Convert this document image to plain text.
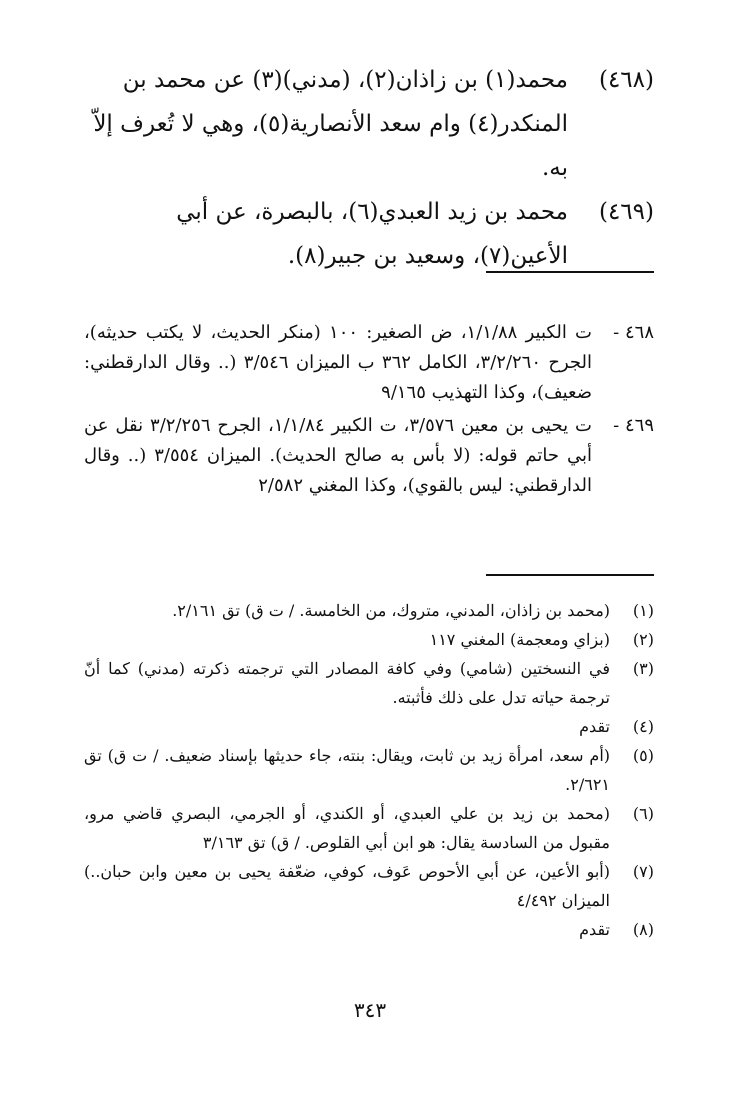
(٤٦٨)
محمد(١) بن زاذان(٢)، (مدني)(٣) عن محمد بن المنكدر(٤) وام سعد الأنصارية(٥)، وهي لا تُعرف إلاّ به.
(٤٦٩)
محمد بن زيد العبدي(٦)، بالبصرة، عن أبي الأعين(٧)، وسعيد بن جبير(٨).
٤٦٨ -
ت الكبير ١/١/٨٨، ض الصغير: ١٠٠ (منكر الحديث، لا يكتب حديثه)، الجرح ٣/٢/٢٦٠، الكامل ٣٦٢ ب الميزان ٣/٥٤٦ (.. وقال الدارقطني: ضعيف)، وكذا التهذيب ٩/١٦٥
٤٦٩ -
ت يحيى بن معين ٣/٥٧٦، ت الكبير ١/١/٨٤، الجرح ٣/٢/٢٥٦ نقل عن أبي حاتم قوله: (لا بأس به صالح الحديث). الميزان ٣/٥٥٤ (.. وقال الدارقطني: ليس بالقوي)، وكذا المغني ٢/٥٨٢
(١)
(محمد بن زاذان، المدني، متروك، من الخامسة. / ت ق) تق ٢/١٦١.
(٢)
(بزاي ومعجمة) المغني ١١٧
(٣)
في النسختين (شامي) وفي كافة المصادر التي ترجمته ذكرته (مدني) كما أنّ ترجمة حياته تدل على ذلك فأثبته.
(٤)
تقدم
(٥)
(أم سعد، امرأة زيد بن ثابت، ويقال: بنته، جاء حديثها بإسناد ضعيف. / ت ق) تق ٢/٦٢١.
(٦)
(محمد بن زيد بن علي العبدي، أو الكندي، أو الجرمي، البصري قاضي مرو، مقبول من السادسة يقال: هو ابن أبي القلوص. / ق) تق ٣/١٦٣
(٧)
(أبو الأعين، عن أبي الأحوص عَوف، كوفي، ضعّفة يحيى بن معين وابن حبان..) الميزان ٤/٤٩٢
(٨)
تقدم
٣٤٣
